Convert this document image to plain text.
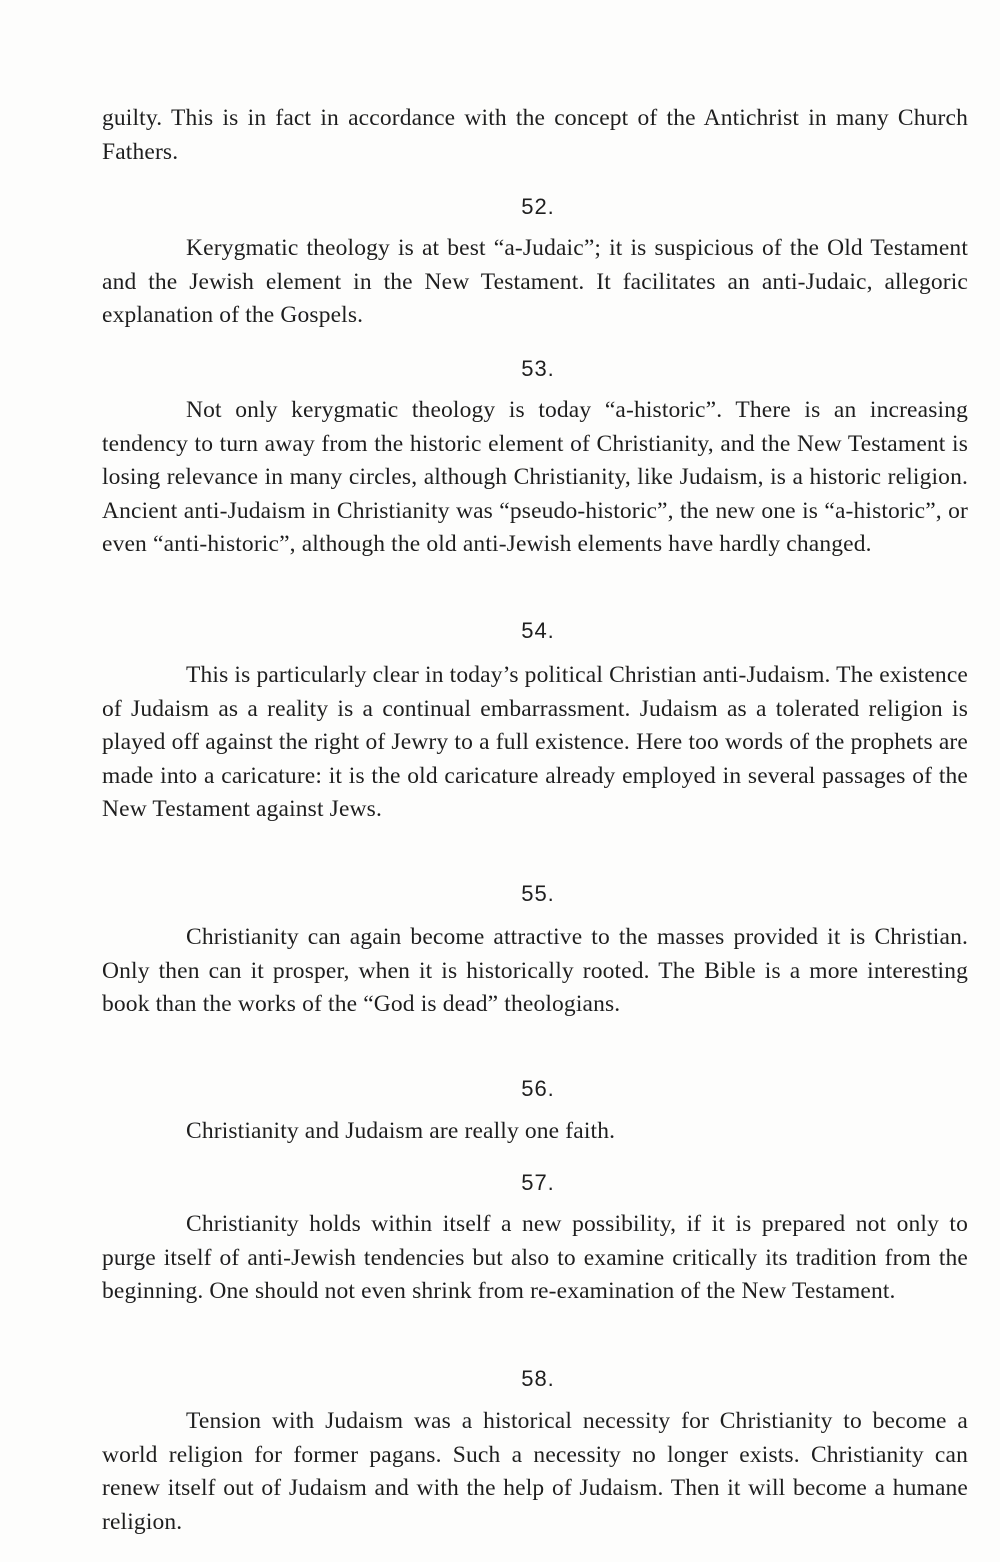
guilty. This is in fact in accordance with the concept of the Antichrist in many Church Fathers.

52.

Kerygmatic theology is at best “a-Judaic”; it is suspicious of the Old Testament and the Jewish element in the New Testament. It facilitates an anti-Judaic, allegoric explanation of the Gospels.

53.

Not only kerygmatic theology is today “a-historic”. There is an increasing tendency to turn away from the historic element of Christianity, and the New Testament is losing relevance in many circles, although Christianity, like Judaism, is a historic religion. Ancient anti-Judaism in Christianity was “pseudo-historic”, the new one is “a-historic”, or even “anti-historic”, although the old anti-Jewish elements have hardly changed.

54.

This is particularly clear in today’s political Christian anti-Judaism. The existence of Judaism as a reality is a continual embarrassment. Judaism as a tolerated religion is played off against the right of Jewry to a full existence. Here too words of the prophets are made into a caricature: it is the old caricature already employed in several passages of the New Testament against Jews.

55.

Christianity can again become attractive to the masses provided it is Christian. Only then can it prosper, when it is historically rooted. The Bible is a more interesting book than the works of the “God is dead” theologians.

56.

Christianity and Judaism are really one faith.

57.

Christianity holds within itself a new possibility, if it is prepared not only to purge itself of anti-Jewish tendencies but also to examine critically its tradition from the beginning. One should not even shrink from re-examination of the New Testament.

58.

Tension with Judaism was a historical necessity for Christianity to become a world religion for former pagans. Such a necessity no longer exists. Christianity can renew itself out of Judaism and with the help of Judaism. Then it will become a humane religion.
